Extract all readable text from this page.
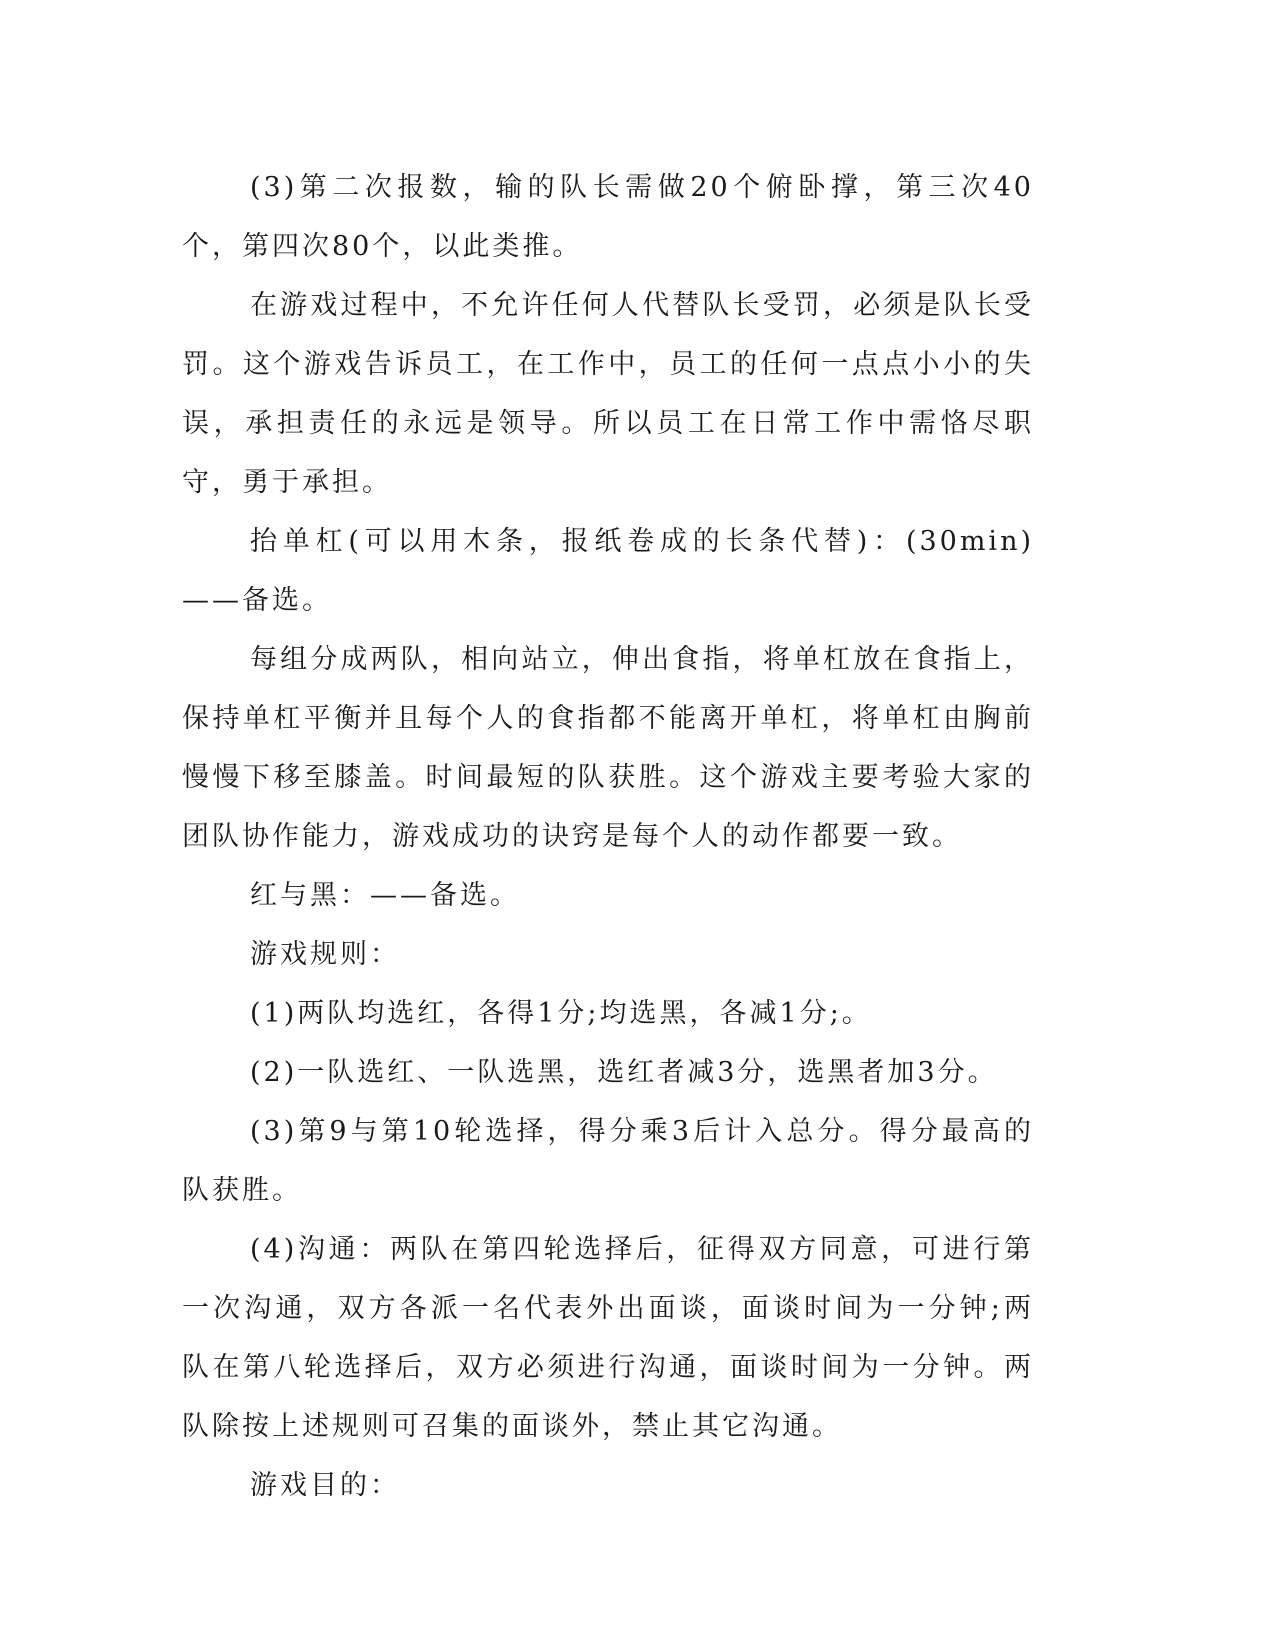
(3)第二次报数，输的队长需做20个俯卧撑，第三次40个，第四次80个，以此类推。

在游戏过程中，不允许任何人代替队长受罚，必须是队长受罚。这个游戏告诉员工，在工作中，员工的任何一点点小小的失误，承担责任的永远是领导。所以员工在日常工作中需恪尽职守，勇于承担。

抬单杠(可以用木条，报纸卷成的长条代替)：(30min)——备选。

每组分成两队，相向站立，伸出食指，将单杠放在食指上，保持单杠平衡并且每个人的食指都不能离开单杠，将单杠由胸前慢慢下移至膝盖。时间最短的队获胜。这个游戏主要考验大家的团队协作能力，游戏成功的诀窍是每个人的动作都要一致。

红与黑：——备选。

游戏规则：

(1)两队均选红，各得1分;均选黑，各减1分;。

(2)一队选红、一队选黑，选红者减3分，选黑者加3分。

(3)第9与第10轮选择，得分乘3后计入总分。得分最高的队获胜。

(4)沟通：两队在第四轮选择后，征得双方同意，可进行第一次沟通，双方各派一名代表外出面谈，面谈时间为一分钟;两队在第八轮选择后，双方必须进行沟通，面谈时间为一分钟。两队除按上述规则可召集的面谈外，禁止其它沟通。

游戏目的：
